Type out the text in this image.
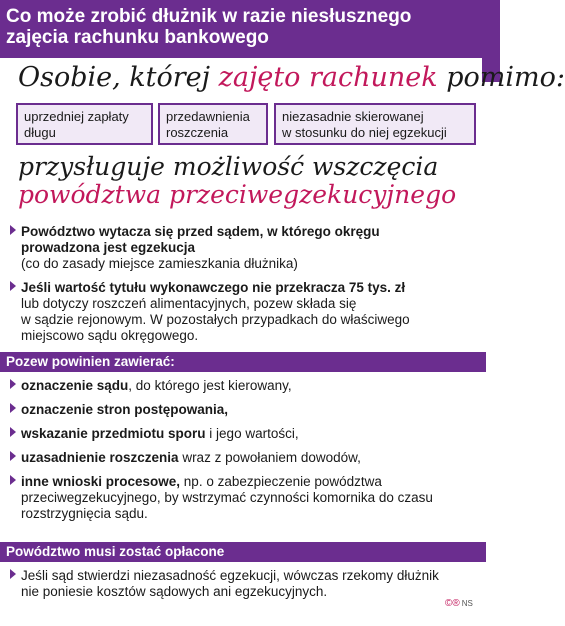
Co może zrobić dłużnik w razie niesłusznego
zajęcia rachunku bankowego
Osobie, której zajęto rachunek pomimo:
uprzedniej zapłaty
długu
przedawnienia
roszczenia
niezasadnie skierowanej
w stosunku do niej egzekucji
przysługuje możliwość wszczęcia
powództwa przeciwegzekucyjnego
Powództwo wytacza się przed sądem, w którego okręgu
prowadzona jest egzekucja
(co do zasady miejsce zamieszkania dłużnika)
Jeśli wartość tytułu wykonawczego nie przekracza 75 tys. zł
lub dotyczy roszczeń alimentacyjnych, pozew składa się
w sądzie rejonowym. W pozostałych przypadkach do właściwego
miejscowo sądu okręgowego.
Pozew powinien zawierać:
oznaczenie sądu, do którego jest kierowany,
oznaczenie stron postępowania,
wskazanie przedmiotu sporu i jego wartości,
uzasadnienie roszczenia wraz z powołaniem dowodów,
inne wnioski procesowe, np. o zabezpieczenie powództwa
przeciwegzekucyjnego, by wstrzymać czynności komornika do czasu
rozstrzygnięcia sądu.
Powództwo musi zostać opłacone
Jeśli sąd stwierdzi niezasadność egzekucji, wówczas rzekomy dłużnik
nie poniesie kosztów sądowych ani egzekucyjnych.
©® NS
